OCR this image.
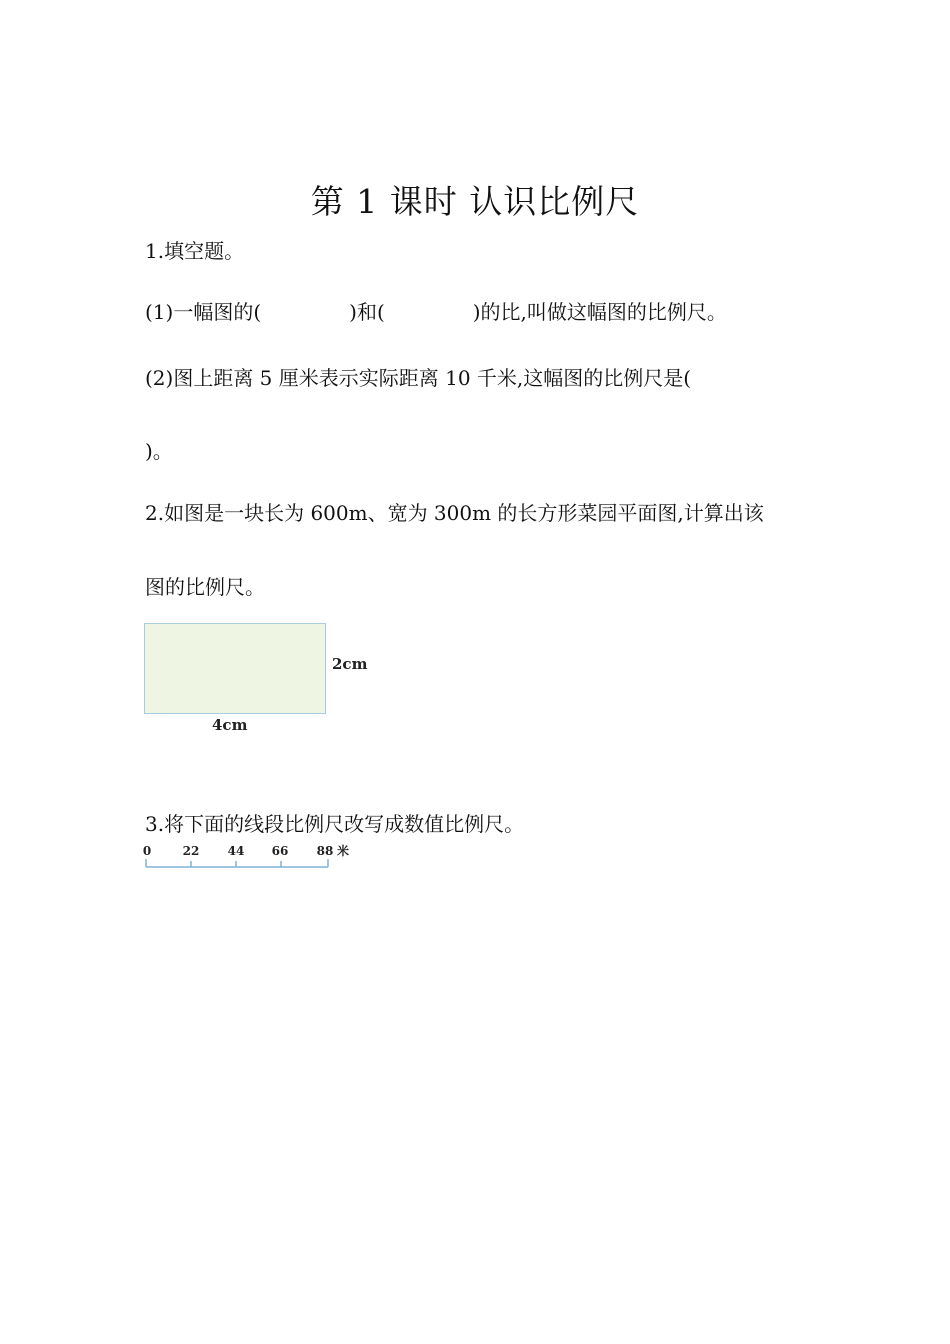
第 1 课时 认识比例尺
1.填空题。
(1)一幅图的(	)和(	)的比,叫做这幅图的比例尺。
(2)图上距离 5 厘米表示实际距离 10 千米,这幅图的比例尺是(
)。
2.如图是一块长为 600m、宽为 300m 的长方形菜园平面图,计算出该
图的比例尺。
2cm
4cm
3.将下面的线段比例尺改写成数值比例尺。
0	22 44 66 88 米
